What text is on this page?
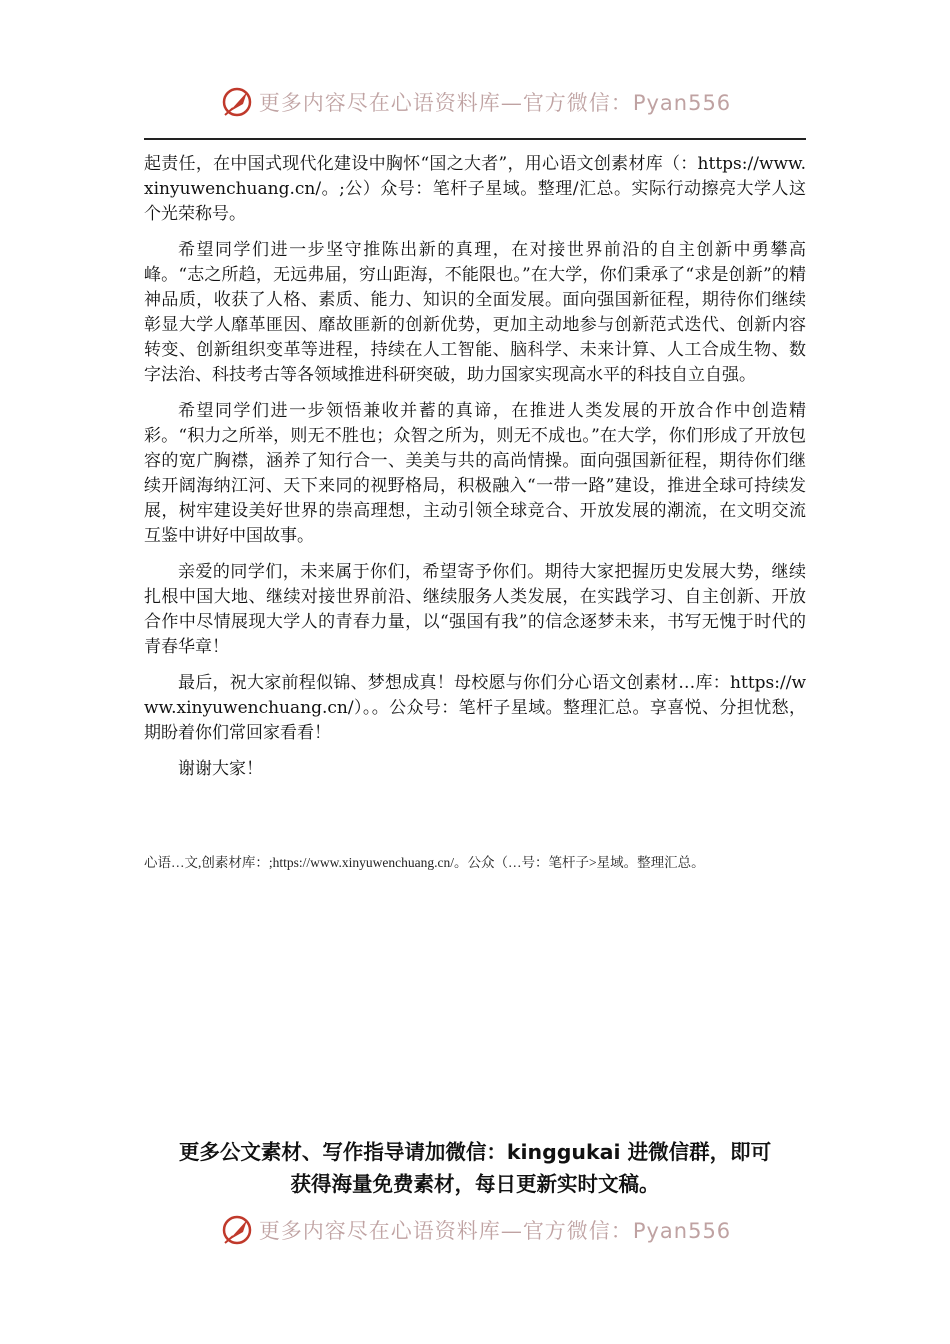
更多内容尽在心语资料库—官方微信：Pyan556

起责任，在中国式现代化建设中胸怀“国之大者”，用心语文创素材库（：https://www.xinyuwenchuang.cn/。;公）众号：笔杆子星域。整理/汇总。实际行动擦亮大学人这个光荣称号。

希望同学们进一步坚守推陈出新的真理，在对接世界前沿的自主创新中勇攀高峰。“志之所趋，无远弗届，穷山距海，不能限也。”在大学，你们秉承了“求是创新”的精神品质，收获了人格、素质、能力、知识的全面发展。面向强国新征程，期待你们继续彰显大学人靡革匪因、靡故匪新的创新优势，更加主动地参与创新范式迭代、创新内容转变、创新组织变革等进程，持续在人工智能、脑科学、未来计算、人工合成生物、数字法治、科技考古等各领域推进科研突破，助力国家实现高水平的科技自立自强。

希望同学们进一步领悟兼收并蓄的真谛，在推进人类发展的开放合作中创造精彩。“积力之所举，则无不胜也；众智之所为，则无不成也。”在大学，你们形成了开放包容的宽广胸襟，涵养了知行合一、美美与共的高尚情操。面向强国新征程，期待你们继续开阔海纳江河、天下来同的视野格局，积极融入“一带一路”建设，推进全球可持续发展，树牢建设美好世界的崇高理想，主动引领全球竞合、开放发展的潮流，在文明交流互鉴中讲好中国故事。

亲爱的同学们，未来属于你们，希望寄予你们。期待大家把握历史发展大势，继续扎根中国大地、继续对接世界前沿、继续服务人类发展，在实践学习、自主创新、开放合作中尽情展现大学人的青春力量，以“强国有我”的信念逐梦未来，书写无愧于时代的青春华章！

最后，祝大家前程似锦、梦想成真！母校愿与你们分心语文创素材…库：https://www.xinyuwenchuang.cn/）。。公众号：笔杆子星域。整理汇总。享喜悦、分担忧愁，期盼着你们常回家看看！

谢谢大家！

心语…文,创素材库：;https://www.xinyuwenchuang.cn/。公众（…号：笔杆子>星域。整理汇总。
更多公文素材、写作指导请加微信：kinggukai 进微信群，即可
获得海量免费素材，每日更新实时文稿。
更多内容尽在心语资料库—官方微信：Pyan556
